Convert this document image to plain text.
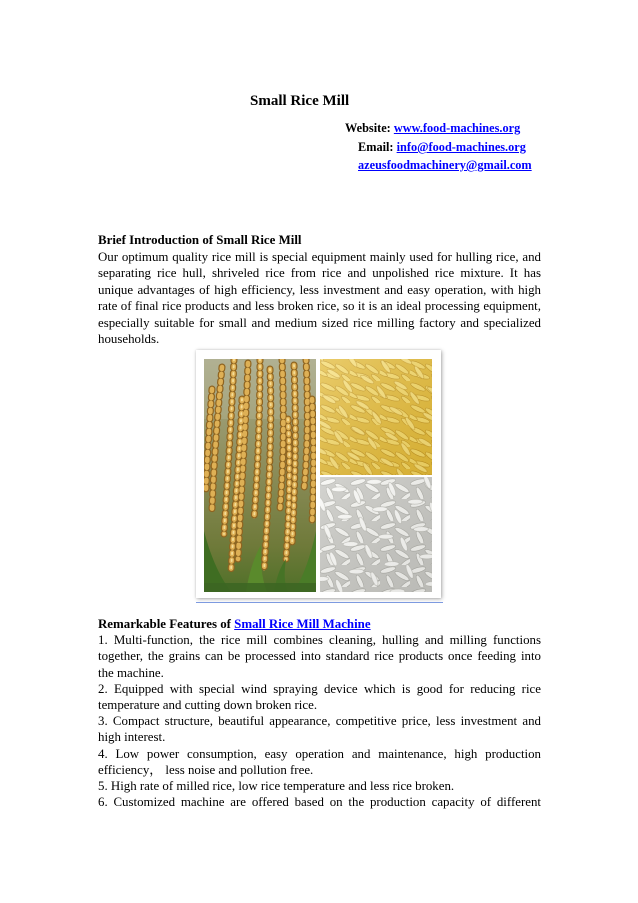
Small Rice Mill
Website: www.food-machines.org
Email: info@food-machines.org
azeusfoodmachinery@gmail.com
Brief Introduction of Small Rice Mill
Our optimum quality rice mill is special equipment mainly used for hulling rice, and
separating rice hull, shriveled rice from rice and unpolished rice mixture. It has
unique advantages of high efficiency, less investment and easy operation, with high
rate of final rice products and less broken rice, so it is an ideal processing equipment,
especially suitable for small and medium sized rice milling factory and specialized
households.
Remarkable Features of Small Rice Mill Machine
1. Multi-function, the rice mill combines cleaning, hulling and milling functions
together, the grains can be processed into standard rice products once feeding into
the machine.
2. Equipped with special wind spraying device which is good for reducing rice
temperature and cutting down broken rice.
3. Compact structure, beautiful appearance, competitive price, less investment and
high interest.
4. Low power consumption, easy operation and maintenance, high production
efficiency， less noise and pollution free.
5. High rate of milled rice, low rice temperature and less rice broken.
6. Customized machine are offered based on the production capacity of different
